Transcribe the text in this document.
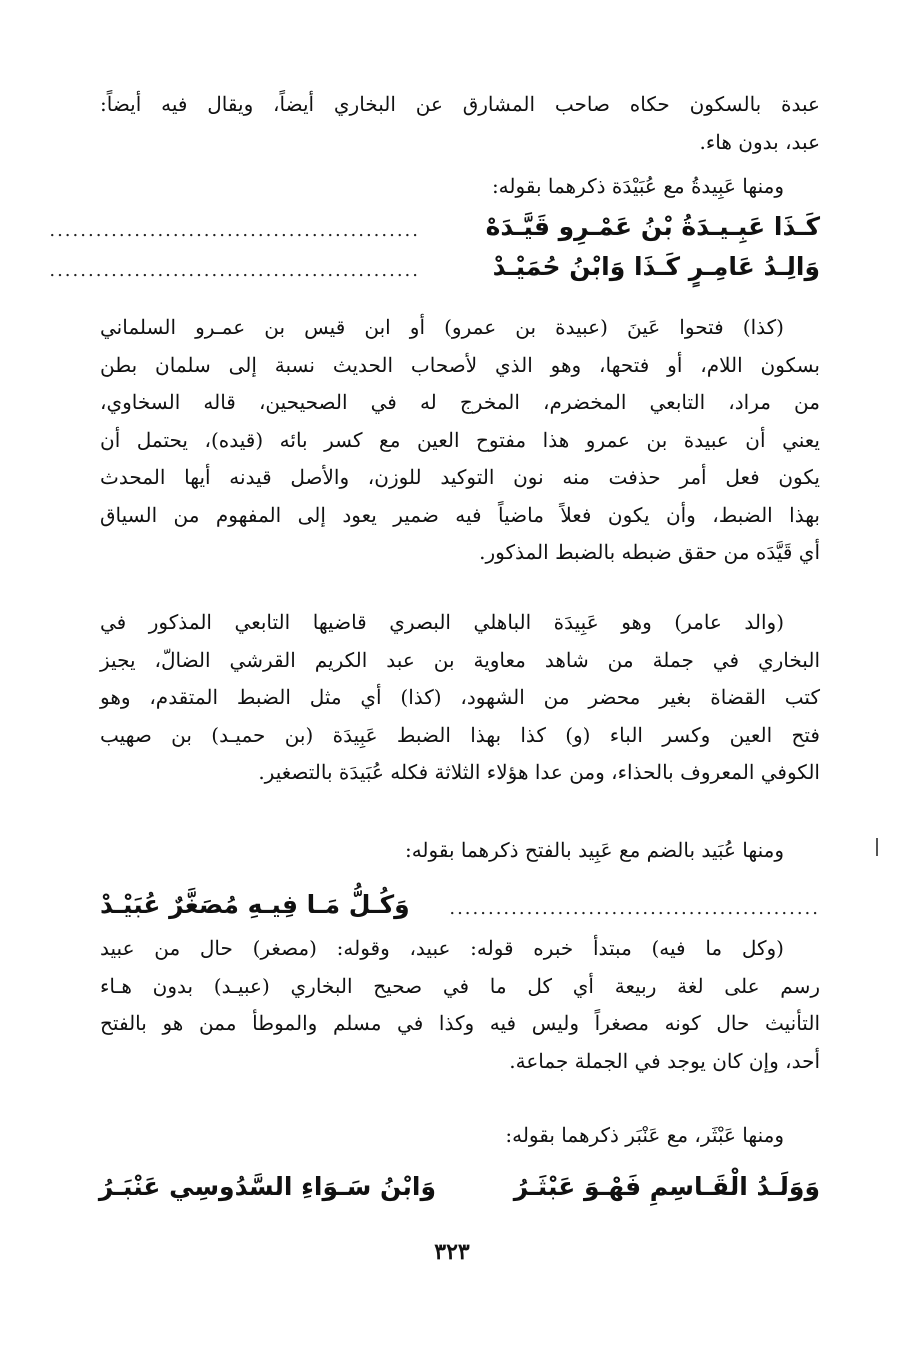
عبدة بالسكون حكاه صاحب المشارق عن البخاري أيضاً، ويقال فيه أيضاً:
عبد، بدون هاء.
ومنها عَبِيدةُ مع عُبَيْدَة ذكرهما بقوله:
كَـذَا عَبِـيـدَةُ بْنُ عَمْـرِو قَيَّـدَهْ
................................................
وَالِـدُ عَامِـرٍ كَـذَا وَابْنُ حُمَيْـدْ
................................................
(كذا) فتحوا عَينَ (عبيدة بن عمرو) أو ابن قيس بن عمـرو السلماني
بسكون اللام، أو فتحها، وهو الذي لأصحاب الحديث نسبة إلى سلمان بطن
من مراد، التابعي المخضرم، المخرج له في الصحيحين، قاله السخاوي،
يعني أن عبيدة بن عمرو هذا مفتوح العين مع كسر بائه (قيده)، يحتمل أن
يكون فعل أمر حذفت منه نون التوكيد للوزن، والأصل قيدنه أيها المحدث
بهذا الضبط، وأن يكون فعلاً ماضياً فيه ضمير يعود إلى المفهوم من السياق
أي قَيَّدَه من حقق ضبطه بالضبط المذكور.
(والد عامر) وهو عَبِيدَة الباهلي البصري قاضيها التابعي المذكور في
البخاري في جملة من شاهد معاوية بن عبد الكريم القرشي الضالّ، يجيز
كتب القضاة بغير محضر من الشهود، (كذا) أي مثل الضبط المتقدم، وهو
فتح العين وكسر الباء (و) كذا بهذا الضبط عَبِيدَة (بن حميـد) بن صهيب
الكوفي المعروف بالحذاء، ومن عدا هؤلاء الثلاثة فكله عُبَيدَة بالتصغير.
ومنها عُبَيد بالضم مع عَبِيد بالفتح ذكرهما بقوله:
................................................
وَكُـلُّ مَـا فِيـهِ مُصَغَّرٌ عُبَيْـدْ
(وكل ما فيه) مبتدأ خبره قوله: عبيد، وقوله: (مصغر) حال من عبيد
رسم على لغة ربيعة أي كل ما في صحيح البخاري (عبيـد) بدون هـاء
التأنيث حال كونه مصغراً وليس فيه وكذا في مسلم والموطأ ممن هو بالفتح
أحد، وإن كان يوجد في الجملة جماعة.
ومنها عَبْثَر، مع عَنْبَر ذكرهما بقوله:
وَوَلَـدُ الْقَـاسِمِ فَهْـوَ عَبْثَـرُ
وَابْنُ سَـوَاءِ السَّدُوسِي عَنْبَـرُ
٣٢٣
